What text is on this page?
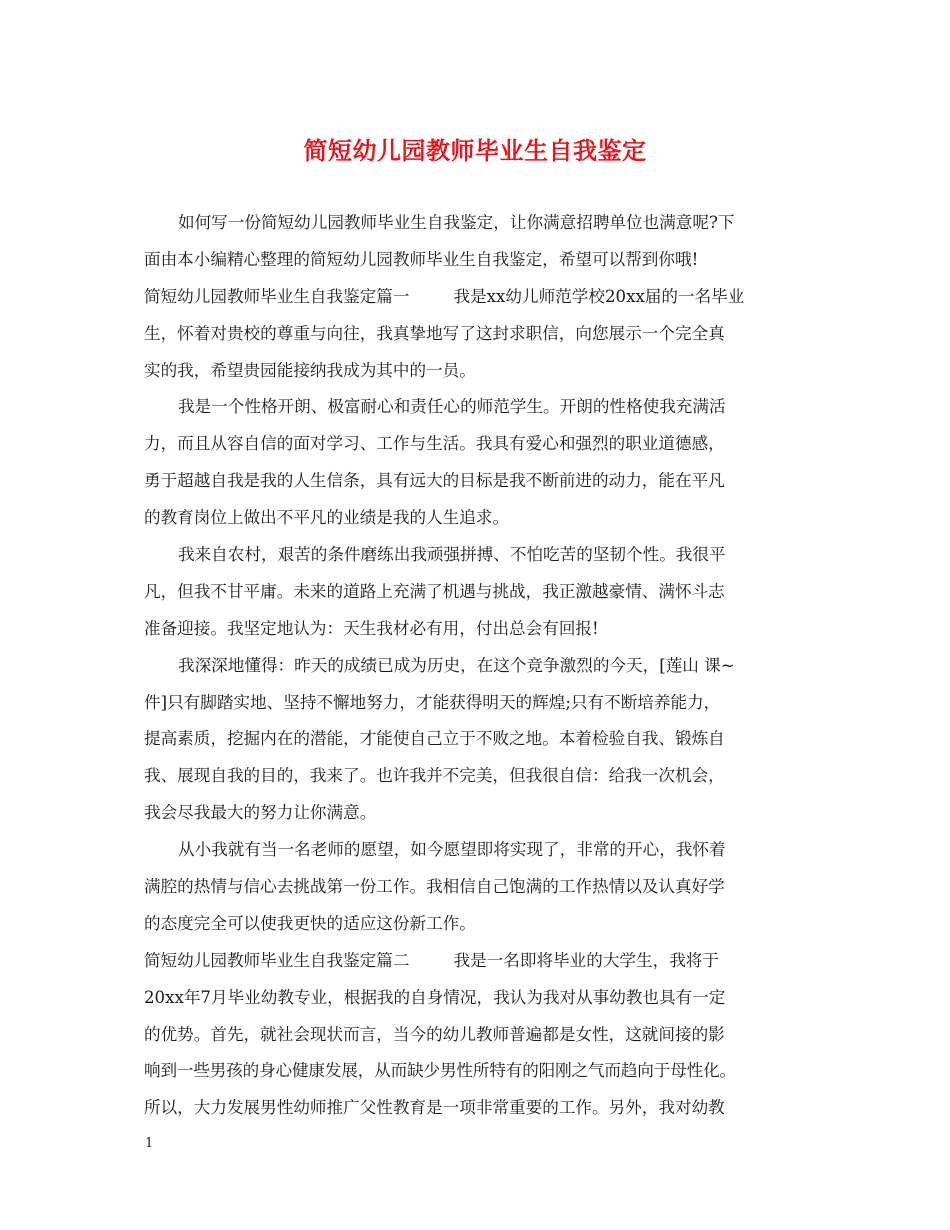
简短幼儿园教师毕业生自我鉴定
如何写一份简短幼儿园教师毕业生自我鉴定，让你满意招聘单位也满意呢?下
面由本小编精心整理的简短幼儿园教师毕业生自我鉴定，希望可以帮到你哦!
简短幼儿园教师毕业生自我鉴定篇一	我是xx幼儿师范学校20xx届的一名毕业
生，怀着对贵校的尊重与向往，我真挚地写了这封求职信，向您展示一个完全真
实的我，希望贵园能接纳我成为其中的一员。
我是一个性格开朗、极富耐心和责任心的师范学生。开朗的性格使我充满活
力，而且从容自信的面对学习、工作与生活。我具有爱心和强烈的职业道德感，
勇于超越自我是我的人生信条，具有远大的目标是我不断前进的动力，能在平凡
的教育岗位上做出不平凡的业绩是我的人生追求。
我来自农村，艰苦的条件磨练出我顽强拼搏、不怕吃苦的坚韧个性。我很平
凡，但我不甘平庸。未来的道路上充满了机遇与挑战，我正激越豪情、满怀斗志
准备迎接。我坚定地认为：天生我材必有用，付出总会有回报!
我深深地懂得：昨天的成绩已成为历史，在这个竞争激烈的今天，[莲山 课~
件]只有脚踏实地、坚持不懈地努力，才能获得明天的辉煌;只有不断培养能力，
提高素质，挖掘内在的潜能，才能使自己立于不败之地。本着检验自我、锻炼自
我、展现自我的目的，我来了。也许我并不完美，但我很自信：给我一次机会，
我会尽我最大的努力让你满意。
从小我就有当一名老师的愿望，如今愿望即将实现了，非常的开心，我怀着
满腔的热情与信心去挑战第一份工作。我相信自己饱满的工作热情以及认真好学
的态度完全可以使我更快的适应这份新工作。
简短幼儿园教师毕业生自我鉴定篇二	我是一名即将毕业的大学生，我将于
20xx年7月毕业幼教专业，根据我的自身情况，我认为我对从事幼教也具有一定
的优势。首先，就社会现状而言，当今的幼儿教师普遍都是女性，这就间接的影
响到一些男孩的身心健康发展，从而缺少男性所特有的阳刚之气而趋向于母性化。
所以，大力发展男性幼师推广父性教育是一项非常重要的工作。另外，我对幼教
1
